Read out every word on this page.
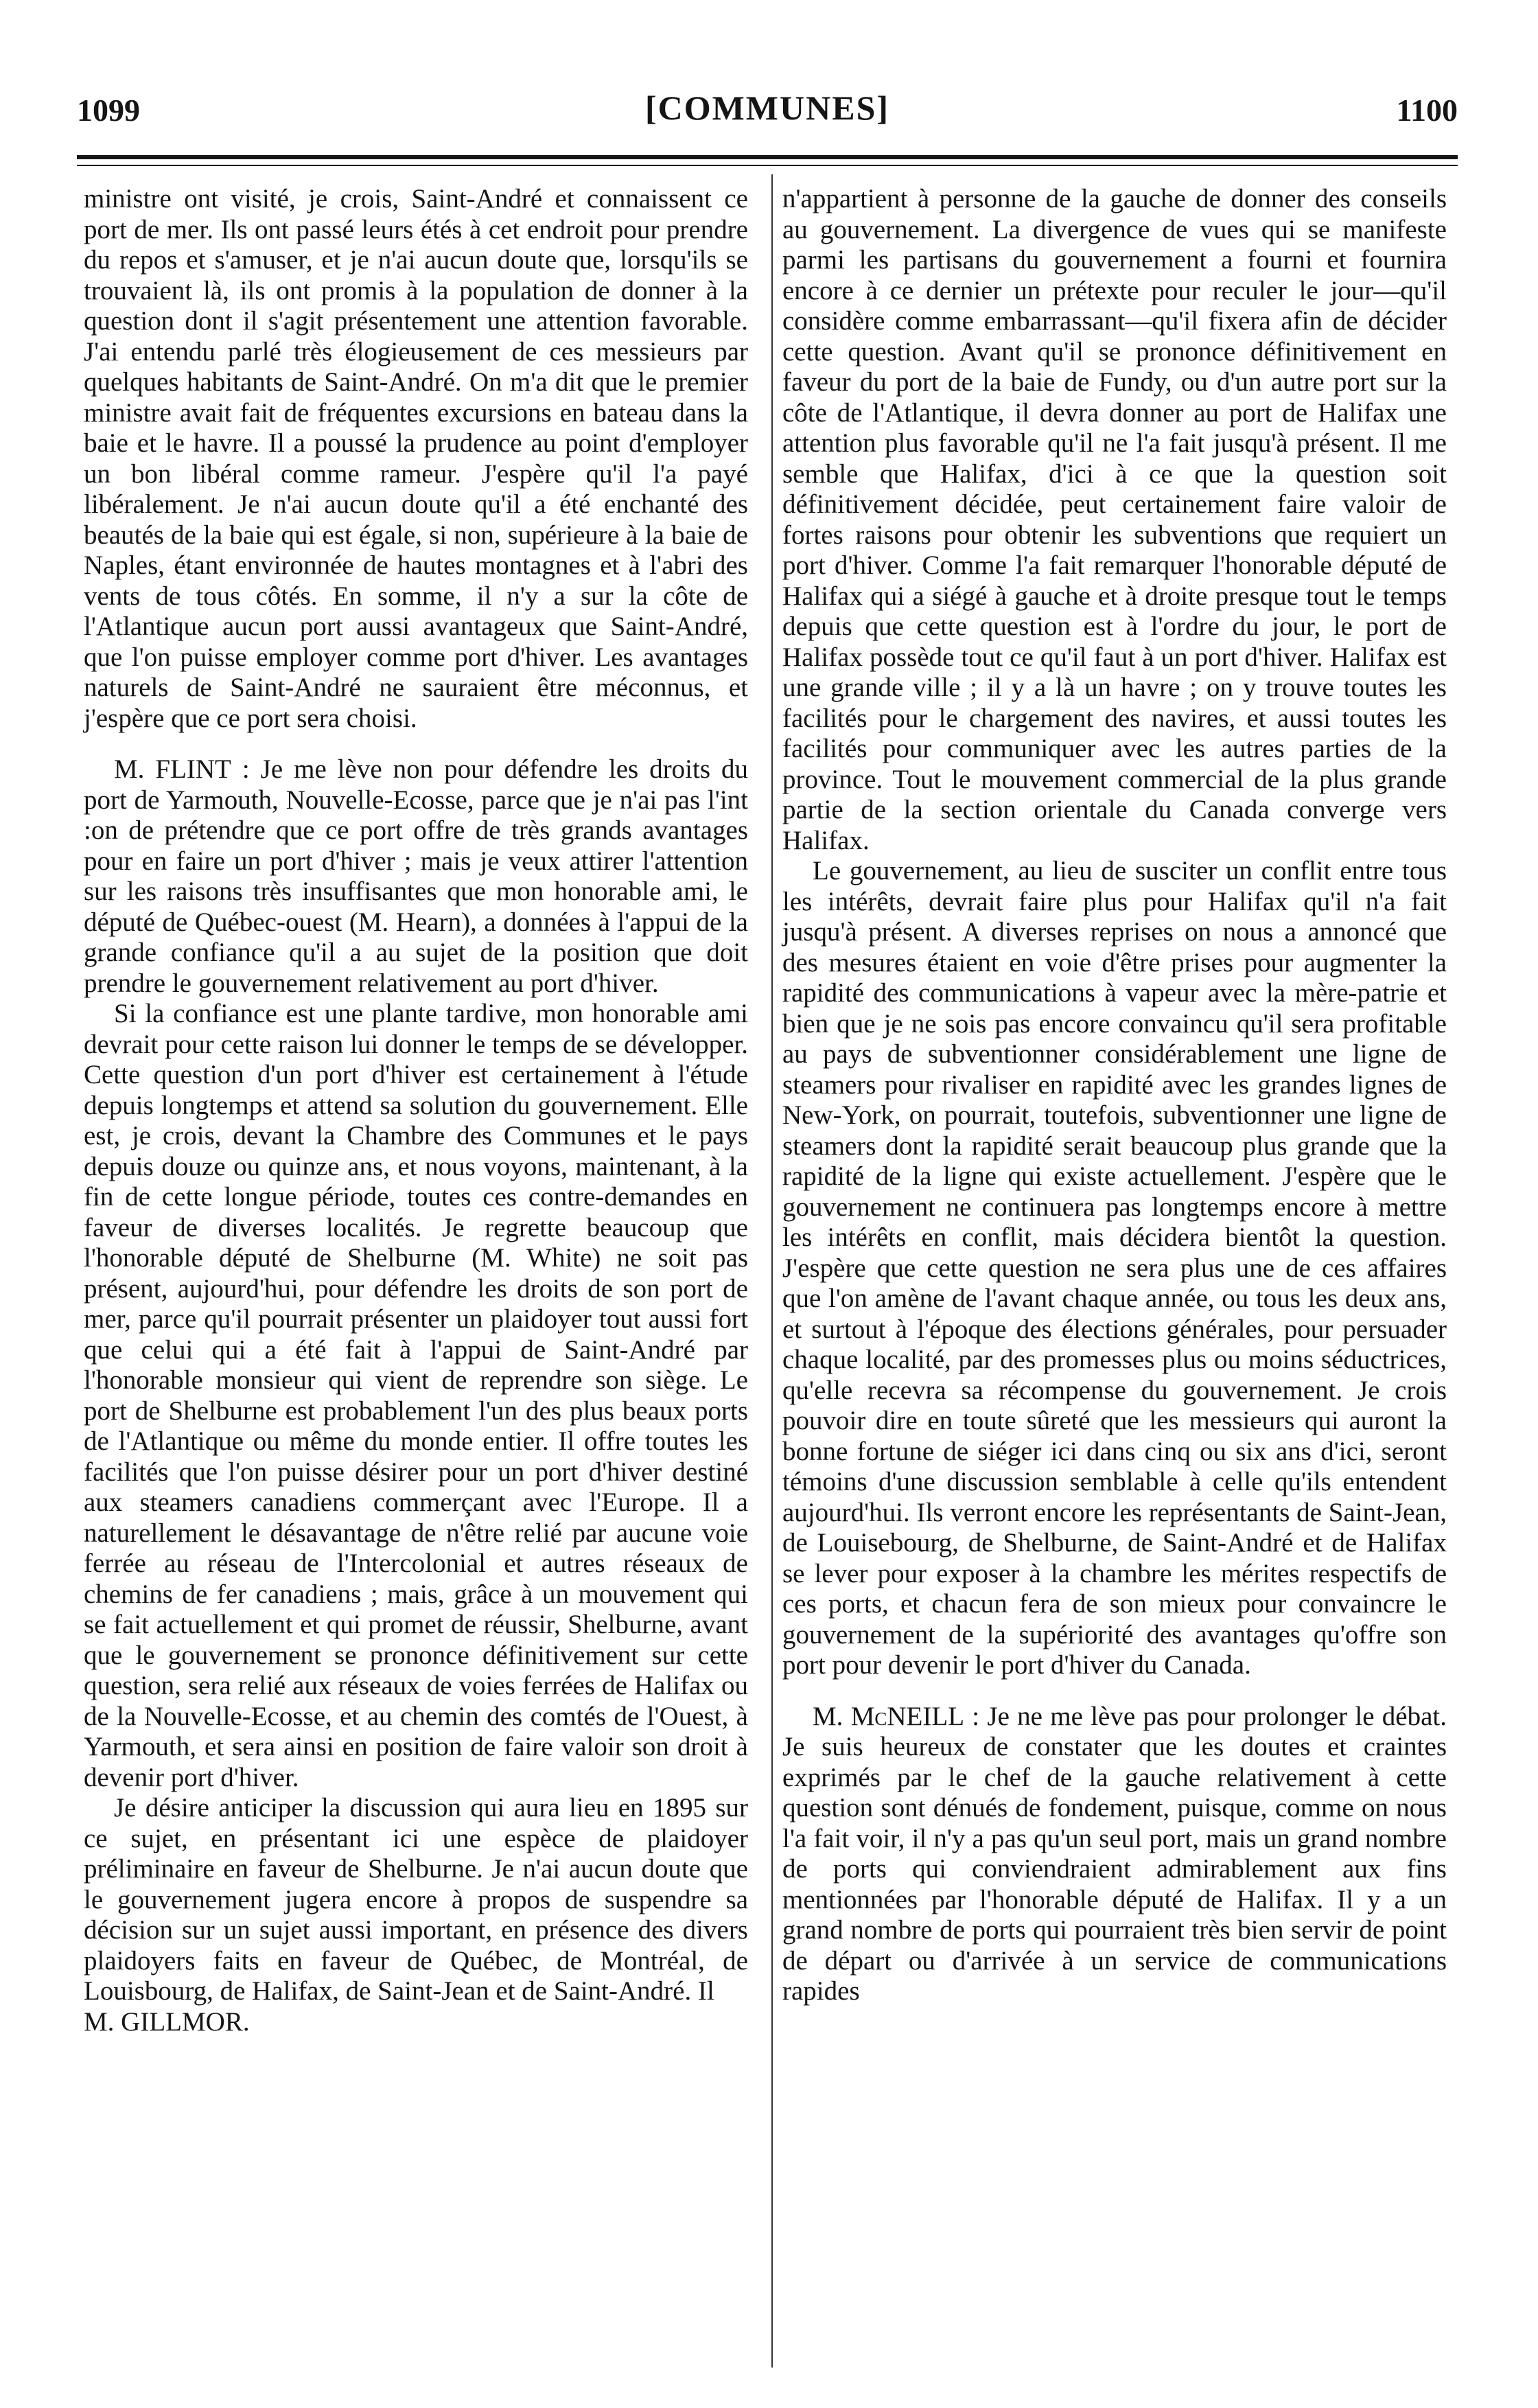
1099	[COMMUNES]	1100

ministre ont visité, je crois, Saint-André et connaissent ce port de mer. Ils ont passé leurs étés à cet endroit pour prendre du repos et s'amuser, et je n'ai aucun doute que, lorsqu'ils se trouvaient là, ils ont promis à la population de donner à la question dont il s'agit présentement une attention favorable. J'ai entendu parlé très élogieusement de ces messieurs par quelques habitants de Saint-André. On m'a dit que le premier ministre avait fait de fréquentes excursions en bateau dans la baie et le havre. Il a poussé la prudence au point d'employer un bon libéral comme rameur. J'espère qu'il l'a payé libéralement. Je n'ai aucun doute qu'il a été enchanté des beautés de la baie qui est égale, si non, supérieure à la baie de Naples, étant environnée de hautes montagnes et à l'abri des vents de tous côtés. En somme, il n'y a sur la côte de l'Atlantique aucun port aussi avantageux que Saint-André, que l'on puisse employer comme port d'hiver. Les avantages naturels de Saint-André ne sauraient être méconnus, et j'espère que ce port sera choisi.

M. FLINT : Je me lève non pour défendre les droits du port de Yarmouth, Nouvelle-Ecosse, parce que je n'ai pas l'int :on de prétendre que ce port offre de très grands avantages pour en faire un port d'hiver ; mais je veux attirer l'attention sur les raisons très insuffisantes que mon honorable ami, le député de Québec-ouest (M. Hearn), a données à l'appui de la grande confiance qu'il a au sujet de la position que doit prendre le gouvernement relativement au port d'hiver.

Si la confiance est une plante tardive, mon honorable ami devrait pour cette raison lui donner le temps de se développer. Cette question d'un port d'hiver est certainement à l'étude depuis longtemps et attend sa solution du gouvernement. Elle est, je crois, devant la Chambre des Communes et le pays depuis douze ou quinze ans, et nous voyons, maintenant, à la fin de cette longue période, toutes ces contre-demandes en faveur de diverses localités. Je regrette beaucoup que l'honorable député de Shelburne (M. White) ne soit pas présent, aujourd'hui, pour défendre les droits de son port de mer, parce qu'il pourrait présenter un plaidoyer tout aussi fort que celui qui a été fait à l'appui de Saint-André par l'honorable monsieur qui vient de reprendre son siège. Le port de Shelburne est probablement l'un des plus beaux ports de l'Atlantique ou même du monde entier. Il offre toutes les facilités que l'on puisse désirer pour un port d'hiver destiné aux steamers canadiens commerçant avec l'Europe. Il a naturellement le désavantage de n'être relié par aucune voie ferrée au réseau de l'Intercolonial et autres réseaux de chemins de fer canadiens ; mais, grâce à un mouvement qui se fait actuellement et qui promet de réussir, Shelburne, avant que le gouvernement se prononce définitivement sur cette question, sera relié aux réseaux de voies ferrées de Halifax ou de la Nouvelle-Ecosse, et au chemin des comtés de l'Ouest, à Yarmouth, et sera ainsi en position de faire valoir son droit à devenir port d'hiver.

Je désire anticiper la discussion qui aura lieu en 1895 sur ce sujet, en présentant ici une espèce de plaidoyer préliminaire en faveur de Shelburne. Je n'ai aucun doute que le gouvernement jugera encore à propos de suspendre sa décision sur un sujet aussi important, en présence des divers plaidoyers faits en faveur de Québec, de Montréal, de Louisbourg, de Halifax, de Saint-Jean et de Saint-André. Il

M. GILLMOR.

n'appartient à personne de la gauche de donner des conseils au gouvernement. La divergence de vues qui se manifeste parmi les partisans du gouvernement a fourni et fournira encore à ce dernier un prétexte pour reculer le jour—qu'il considère comme embarrassant—qu'il fixera afin de décider cette question. Avant qu'il se prononce définitivement en faveur du port de la baie de Fundy, ou d'un autre port sur la côte de l'Atlantique, il devra donner au port de Halifax une attention plus favorable qu'il ne l'a fait jusqu'à présent. Il me semble que Halifax, d'ici à ce que la question soit définitivement décidée, peut certainement faire valoir de fortes raisons pour obtenir les subventions que requiert un port d'hiver. Comme l'a fait remarquer l'honorable député de Halifax qui a siégé à gauche et à droite presque tout le temps depuis que cette question est à l'ordre du jour, le port de Halifax possède tout ce qu'il faut à un port d'hiver. Halifax est une grande ville ; il y a là un havre ; on y trouve toutes les facilités pour le chargement des navires, et aussi toutes les facilités pour communiquer avec les autres parties de la province. Tout le mouvement commercial de la plus grande partie de la section orientale du Canada converge vers Halifax.

Le gouvernement, au lieu de susciter un conflit entre tous les intérêts, devrait faire plus pour Halifax qu'il n'a fait jusqu'à présent. A diverses reprises on nous a annoncé que des mesures étaient en voie d'être prises pour augmenter la rapidité des communications à vapeur avec la mère-patrie et bien que je ne sois pas encore convaincu qu'il sera profitable au pays de subventionner considérablement une ligne de steamers pour rivaliser en rapidité avec les grandes lignes de New-York, on pourrait, toutefois, subventionner une ligne de steamers dont la rapidité serait beaucoup plus grande que la rapidité de la ligne qui existe actuellement. J'espère que le gouvernement ne continuera pas longtemps encore à mettre les intérêts en conflit, mais décidera bientôt la question. J'espère que cette question ne sera plus une de ces affaires que l'on amène de l'avant chaque année, ou tous les deux ans, et surtout à l'époque des élections générales, pour persuader chaque localité, par des promesses plus ou moins séductrices, qu'elle recevra sa récompense du gouvernement. Je crois pouvoir dire en toute sûreté que les messieurs qui auront la bonne fortune de siéger ici dans cinq ou six ans d'ici, seront témoins d'une discussion semblable à celle qu'ils entendent aujourd'hui. Ils verront encore les représentants de Saint-Jean, de Louisebourg, de Shelburne, de Saint-André et de Halifax se lever pour exposer à la chambre les mérites respectifs de ces ports, et chacun fera de son mieux pour convaincre le gouvernement de la supériorité des avantages qu'offre son port pour devenir le port d'hiver du Canada.

M. McNEILL : Je ne me lève pas pour prolonger le débat. Je suis heureux de constater que les doutes et craintes exprimés par le chef de la gauche relativement à cette question sont dénués de fondement, puisque, comme on nous l'a fait voir, il n'y a pas qu'un seul port, mais un grand nombre de ports qui conviendraient admirablement aux fins mentionnées par l'honorable député de Halifax. Il y a un grand nombre de ports qui pourraient très bien servir de point de départ ou d'arrivée à un service de communications rapides
